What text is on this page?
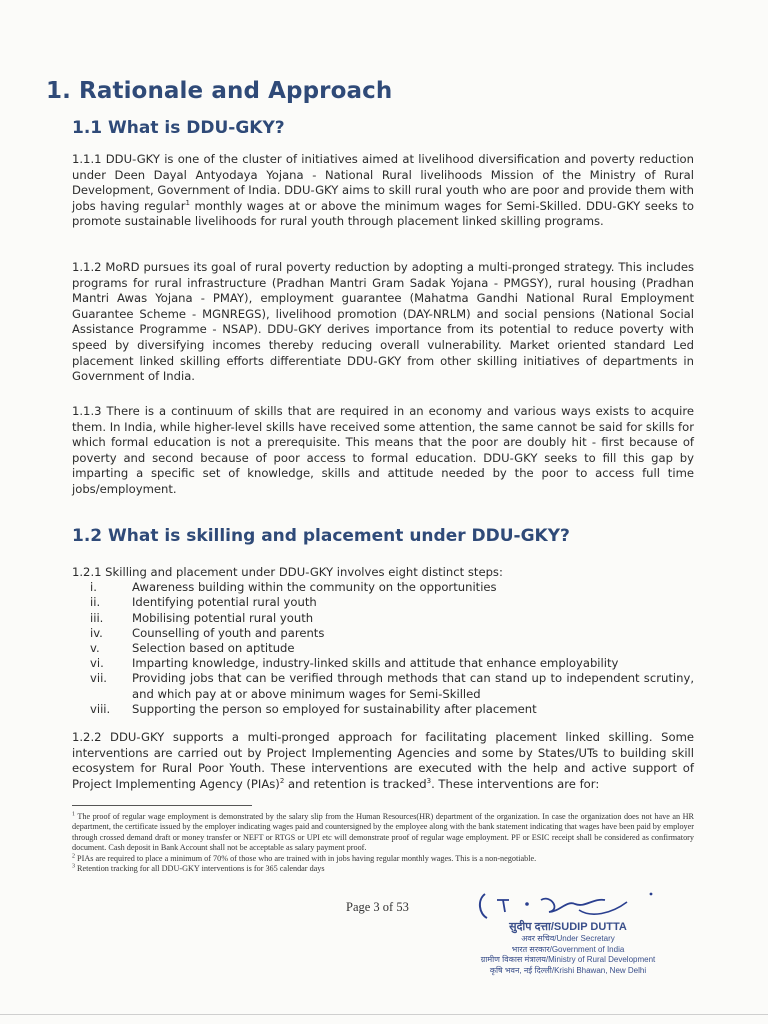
1. Rationale and Approach
1.1 What is DDU-GKY?

1.1.1 DDU-GKY is one of the cluster of initiatives aimed at livelihood diversification and poverty reduction under Deen Dayal Antyodaya Yojana - National Rural livelihoods Mission of the Ministry of Rural Development, Government of India. DDU-GKY aims to skill rural youth who are poor and provide them with jobs having regular$^1$ monthly wages at or above the minimum wages for Semi-Skilled. DDU-GKY seeks to promote sustainable livelihoods for rural youth through placement linked skilling programs.

1.1.2 MoRD pursues its goal of rural poverty reduction by adopting a multi-pronged strategy. This includes programs for rural infrastructure (Pradhan Mantri Gram Sadak Yojana - PMGSY), rural housing (Pradhan Mantri Awas Yojana - PMAY), employment guarantee (Mahatma Gandhi National Rural Employment Guarantee Scheme - MGNREGS), livelihood promotion (DAY-NRLM) and social pensions (National Social Assistance Programme - NSAP). DDU-GKY derives importance from its potential to reduce poverty with speed by diversifying incomes thereby reducing overall vulnerability. Market oriented standard Led placement linked skilling efforts differentiate DDU-GKY from other skilling initiatives of departments in Government of India.

1.1.3 There is a continuum of skills that are required in an economy and various ways exists to acquire them. In India, while higher-level skills have received some attention, the same cannot be said for skills for which formal education is not a prerequisite. This means that the poor are doubly hit - first because of poverty and second because of poor access to formal education. DDU-GKY seeks to fill this gap by imparting a specific set of knowledge, skills and attitude needed by the poor to access full time jobs/employment.

1.2 What is skilling and placement under DDU-GKY?

1.2.1 Skilling and placement under DDU-GKY involves eight distinct steps:

i.	Awareness building within the community on the opportunities
ii.	Identifying potential rural youth
iii.	Mobilising potential rural youth
iv.	Counselling of youth and parents
v.	Selection based on aptitude
vi.	Imparting knowledge, industry-linked skills and attitude that enhance employability
vii.	Providing jobs that can be verified through methods that can stand up to independent scrutiny, and which pay at or above minimum wages for Semi-Skilled
viii.	Supporting the person so employed for sustainability after placement

1.2.2 DDU-GKY supports a multi-pronged approach for facilitating placement linked skilling. Some interventions are carried out by Project Implementing Agencies and some by States/UTs to building skill ecosystem for Rural Poor Youth. These interventions are executed with the help and active support of Project Implementing Agency (PIAs)$^2$ and retention is tracked$^3$. These interventions are for:

$^1$ The proof of regular wage employment is demonstrated by the salary slip from the Human Resources(HR) department of the organization. In case the organization does not have an HR department, the certificate issued by the employer indicating wages paid and countersigned by the employee along with the bank statement indicating that wages have been paid by employer through crossed demand draft or money transfer or NEFT or RTGS or UPI etc will demonstrate proof of regular wage employment. PF or ESIC receipt shall be considered as confirmatory document. Cash deposit in Bank Account shall not be acceptable as salary payment proof.

$^2$ PIAs are required to place a minimum of 70% of those who are trained with in jobs having regular monthly wages. This is a non-negotiable.

$^3$ Retention tracking for all DDU-GKY interventions is for 365 calendar days

Page 3 of 53
सुदीप दत्ता/SUDIP DUTTA
अवर सचिव/Under Secretary
भारत सरकार/Government of India
ग्रामीण विकास मंत्रालय/Ministry of Rural Development
कृषि भवन, नई दिल्ली/Krishi Bhawan, New Delhi
